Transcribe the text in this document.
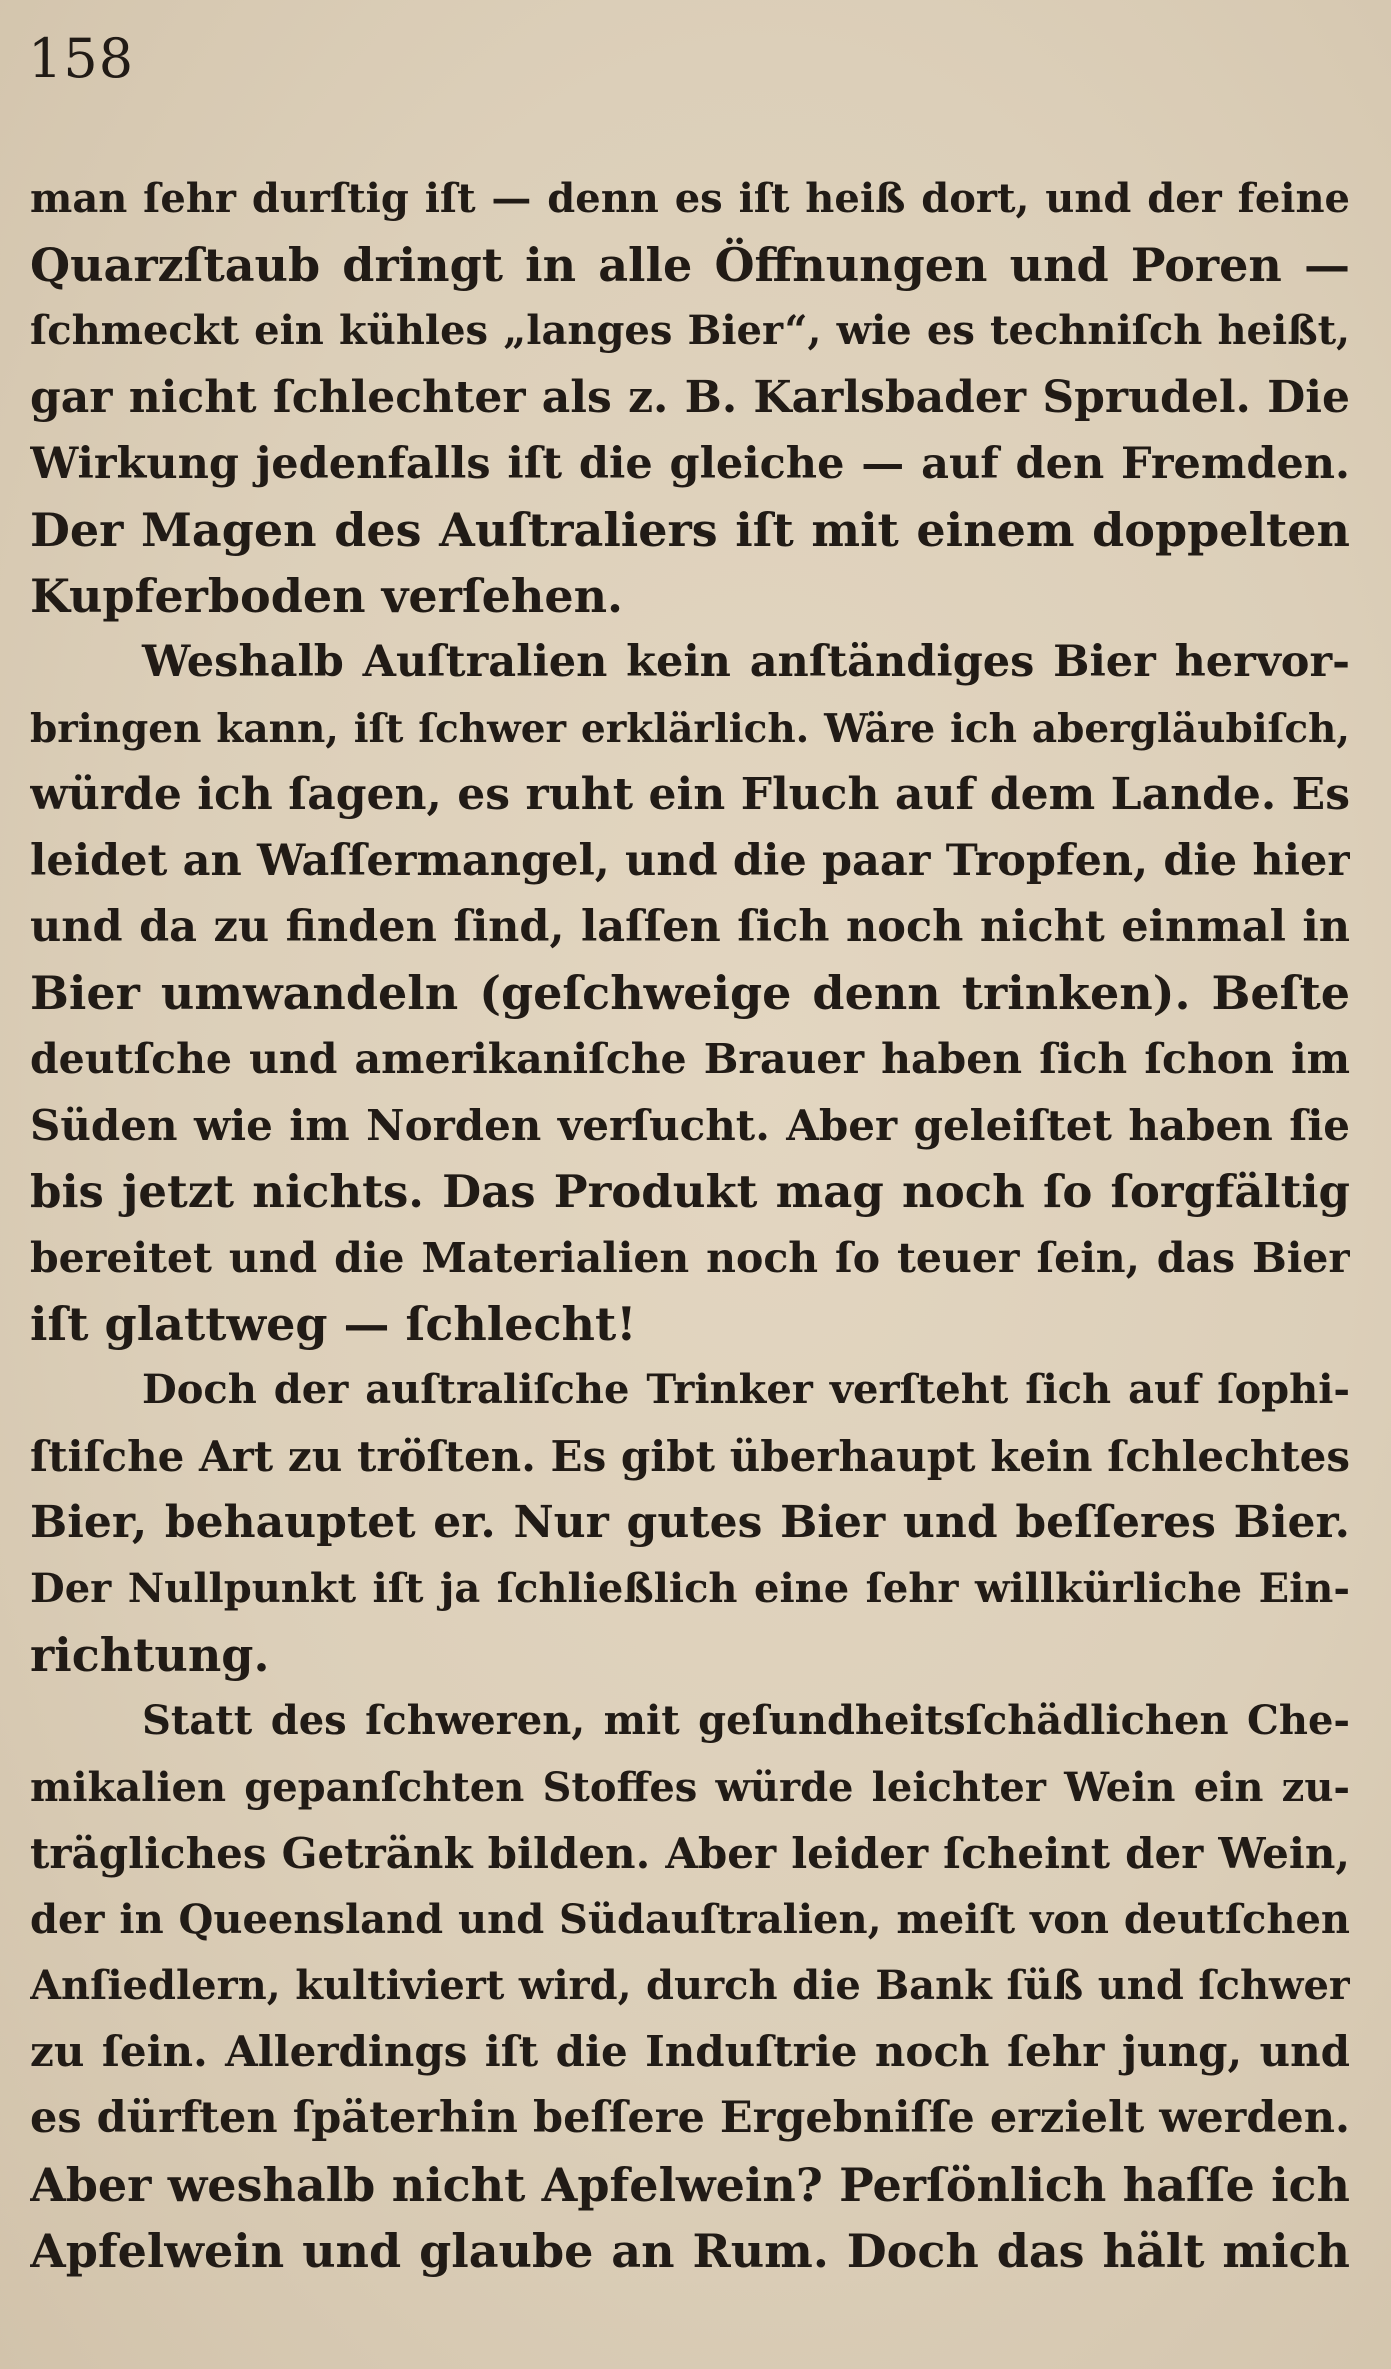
158
man ſehr durſtig iſt — denn es iſt heiß dort, und der feine
Quarzſtaub dringt in alle Öffnungen und Poren —
ſchmeckt ein kühles „langes Bier“, wie es techniſch heißt,
gar nicht ſchlechter als z. B. Karlsbader Sprudel. Die
Wirkung jedenfalls iſt die gleiche — auf den Fremden.
Der Magen des Auſtraliers iſt mit einem doppelten
Kupferboden verſehen.
Weshalb Auſtralien kein anſtändiges Bier hervor-
bringen kann, iſt ſchwer erklärlich. Wäre ich abergläubiſch,
würde ich ſagen, es ruht ein Fluch auf dem Lande. Es
leidet an Waſſermangel, und die paar Tropfen, die hier
und da zu finden ſind, laſſen ſich noch nicht einmal in
Bier umwandeln (geſchweige denn trinken). Beſte
deutſche und amerikaniſche Brauer haben ſich ſchon im
Süden wie im Norden verſucht. Aber geleiſtet haben ſie
bis jetzt nichts. Das Produkt mag noch ſo ſorgfältig
bereitet und die Materialien noch ſo teuer ſein, das Bier
iſt glattweg — ſchlecht!
Doch der auſtraliſche Trinker verſteht ſich auf ſophi-
ſtiſche Art zu tröſten. Es gibt überhaupt kein ſchlechtes
Bier, behauptet er. Nur gutes Bier und beſſeres Bier.
Der Nullpunkt iſt ja ſchließlich eine ſehr willkürliche Ein-
richtung.
Statt des ſchweren, mit geſundheitsſchädlichen Che-
mikalien gepanſchten Stoffes würde leichter Wein ein zu-
trägliches Getränk bilden. Aber leider ſcheint der Wein,
der in Queensland und Südauſtralien, meiſt von deutſchen
Anſiedlern, kultiviert wird, durch die Bank ſüß und ſchwer
zu ſein. Allerdings iſt die Induſtrie noch ſehr jung, und
es dürften ſpäterhin beſſere Ergebniſſe erzielt werden.
Aber weshalb nicht Apfelwein? Perſönlich haſſe ich
Apfelwein und glaube an Rum. Doch das hält mich
